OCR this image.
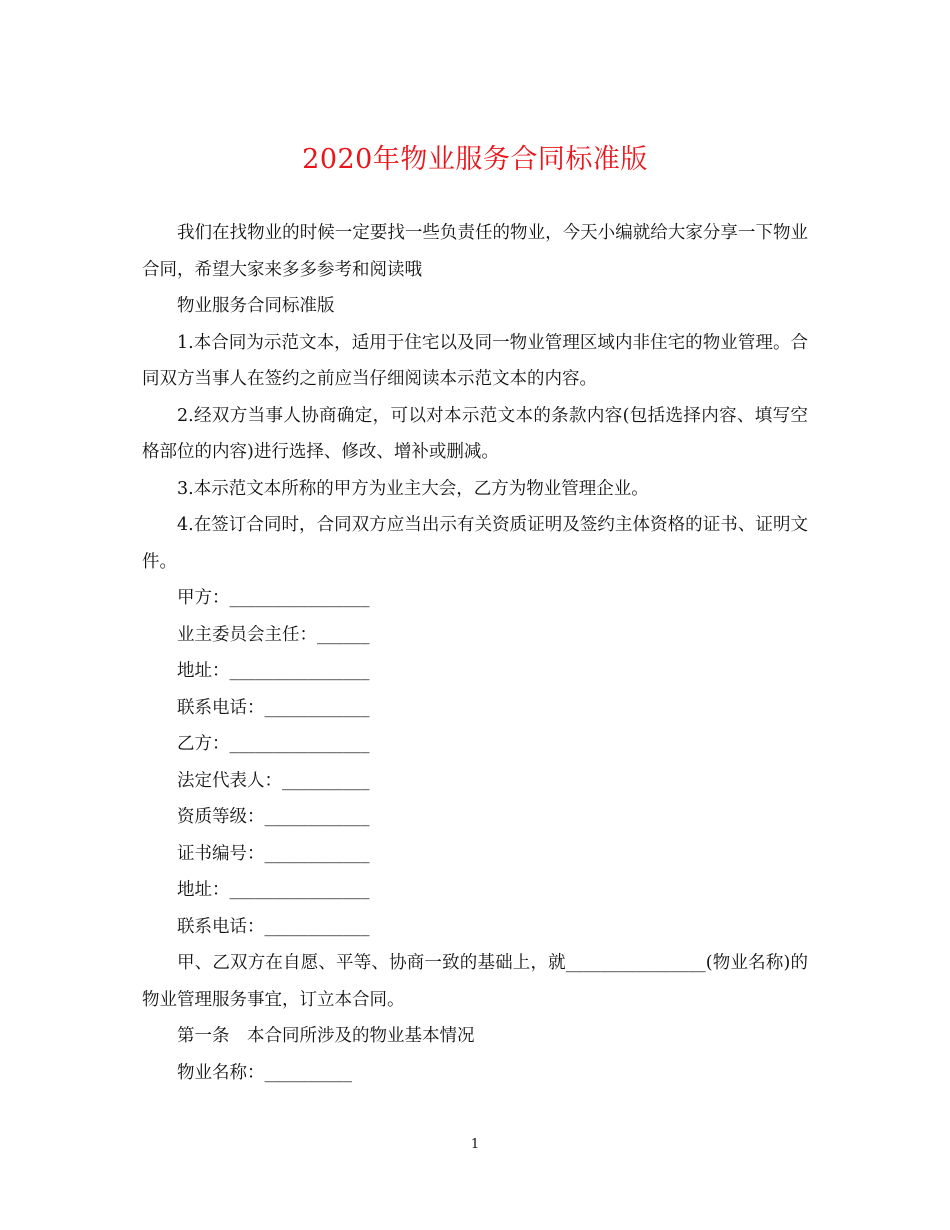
2020年物业服务合同标准版

我们在找物业的时候一定要找一些负责任的物业，今天小编就给大家分享一下物业合同，希望大家来多多参考和阅读哦

物业服务合同标准版

1.本合同为示范文本，适用于住宅以及同一物业管理区域内非住宅的物业管理。合同双方当事人在签约之前应当仔细阅读本示范文本的内容。

2.经双方当事人协商确定，可以对本示范文本的条款内容(包括选择内容、填写空格部位的内容)进行选择、修改、增补或删减。

3.本示范文本所称的甲方为业主大会，乙方为物业管理企业。

4.在签订合同时，合同双方应当出示有关资质证明及签约主体资格的证书、证明文件。

甲方：________________

业主委员会主任：______

地址：________________

联系电话：____________

乙方：________________

法定代表人：__________

资质等级：____________

证书编号：____________

地址：________________

联系电话：____________

甲、乙双方在自愿、平等、协商一致的基础上，就________________(物业名称)的物业管理服务事宜，订立本合同。

第一条　本合同所涉及的物业基本情况

物业名称：__________

1
